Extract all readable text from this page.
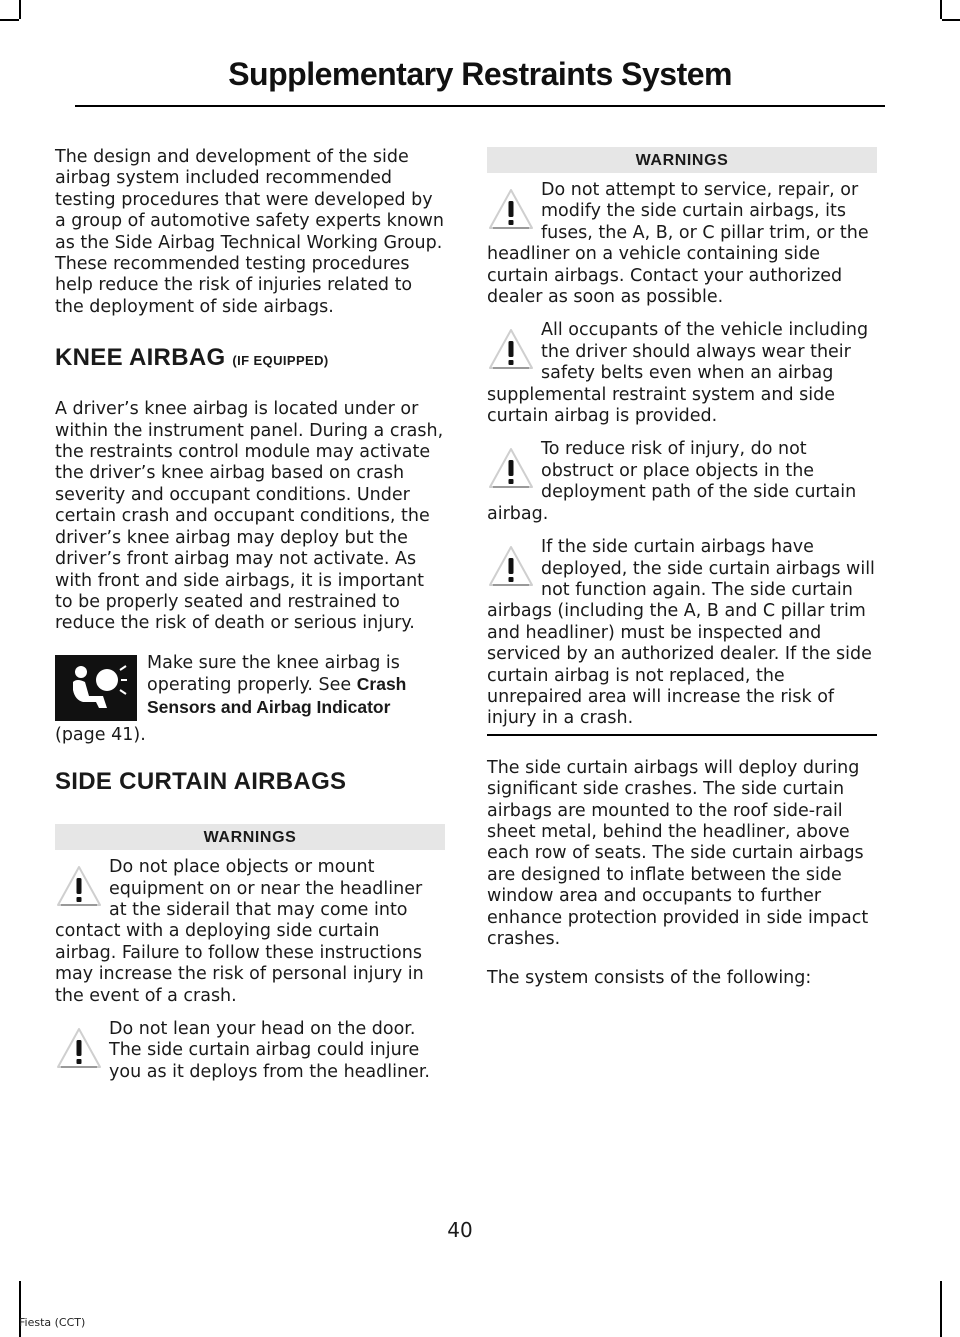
Supplementary Restraints System

The design and development of the side airbag system included recommended testing procedures that were developed by a group of automotive safety experts known as the Side Airbag Technical Working Group. These recommended testing procedures help reduce the risk of injuries related to the deployment of side airbags.

KNEE AIRBAG (IF EQUIPPED)

A driver’s knee airbag is located under or within the instrument panel. During a crash, the restraints control module may activate the driver’s knee airbag based on crash severity and occupant conditions. Under certain crash and occupant conditions, the driver’s knee airbag may deploy but the driver’s front airbag may not activate. As with front and side airbags, it is important to be properly seated and restrained to reduce the risk of death or serious injury.

Make sure the knee airbag is operating properly. See Crash Sensors and Airbag Indicator
(page 41).
SIDE CURTAIN AIRBAGS
WARNINGS
Do not place objects or mount equipment on or near the headliner at the siderail that may come into contact with a deploying side curtain airbag. Failure to follow these instructions may increase the risk of personal injury in the event of a crash.
Do not lean your head on the door. The side curtain airbag could injure you as it deploys from the headliner.
WARNINGS
Do not attempt to service, repair, or modify the side curtain airbags, its fuses, the A, B, or C pillar trim, or the headliner on a vehicle containing side curtain airbags. Contact your authorized dealer as soon as possible.
All occupants of the vehicle including the driver should always wear their safety belts even when an airbag supplemental restraint system and side curtain airbag is provided.
To reduce risk of injury, do not obstruct or place objects in the deployment path of the side curtain airbag.
If the side curtain airbags have deployed, the side curtain airbags will not function again. The side curtain airbags (including the A, B and C pillar trim and headliner) must be inspected and serviced by an authorized dealer. If the side curtain airbag is not replaced, the unrepaired area will increase the risk of injury in a crash.

The side curtain airbags will deploy during significant side crashes. The side curtain airbags are mounted to the roof side-rail sheet metal, behind the headliner, above each row of seats. The side curtain airbags are designed to inflate between the side window area and occupants to further enhance protection provided in side impact crashes.

The system consists of the following:

40
Fiesta (CCT)
